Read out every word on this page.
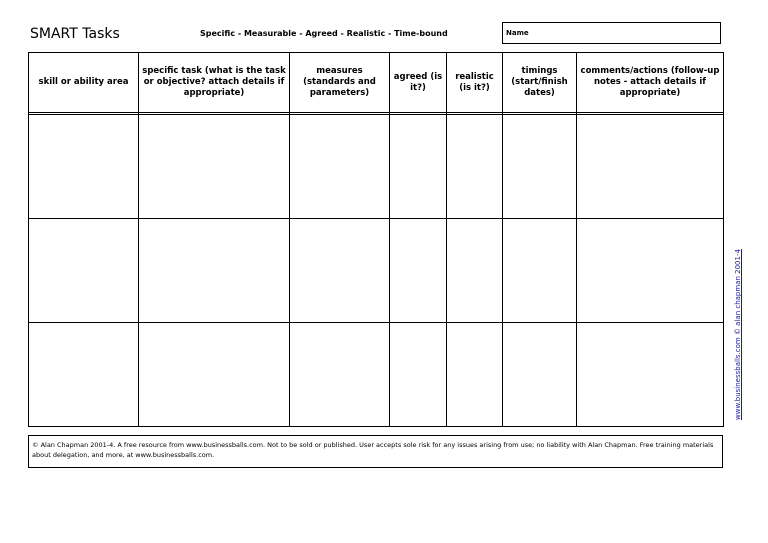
SMART Tasks	Specific - Measurable - Agreed - Realistic - Time-bound	Name
skill or ability area	specific task (what is the task or objective? attach details if appropriate)	measures (standards and parameters)	agreed (is it?)	realistic (is it?)	timings (start/finish dates)	comments/actions (follow-up notes - attach details if appropriate)

© Alan Chapman 2001-4. A free resource from www.businessballs.com. Not to be sold or published. User accepts sole risk for any issues arising from use; no liability with Alan Chapman. Free training materials about delegation, and more, at www.businessballs.com.
www.businessballs.com © alan chapman 2001-4
